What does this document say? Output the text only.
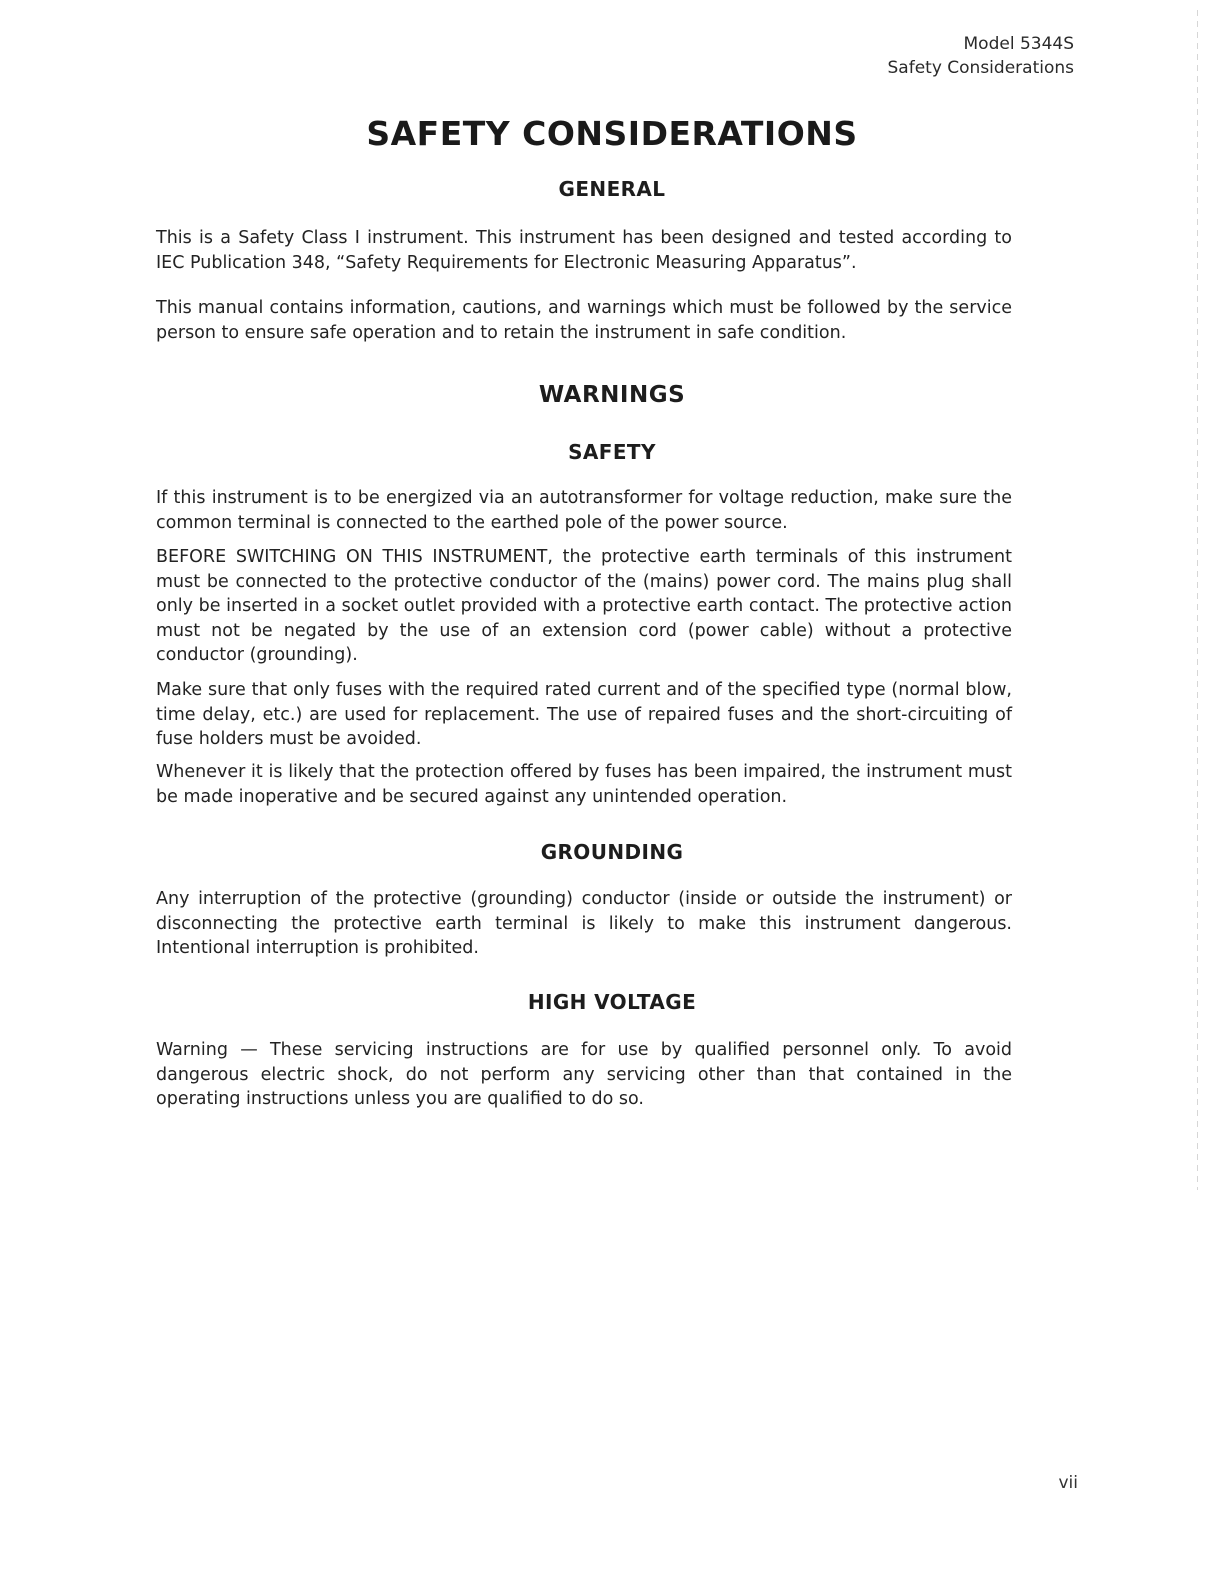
Model 5344S
Safety Considerations
SAFETY CONSIDERATIONS
GENERAL
This is a Safety Class I instrument. This instrument has been designed and tested according to IEC Publication 348, “Safety Requirements for Electronic Measuring Apparatus”.
This manual contains information, cautions, and warnings which must be followed by the service person to ensure safe operation and to retain the instrument in safe condition.
WARNINGS
SAFETY
If this instrument is to be energized via an autotransformer for voltage reduction, make sure the common terminal is connected to the earthed pole of the power source.
BEFORE SWITCHING ON THIS INSTRUMENT, the protective earth terminals of this instrument must be connected to the protective conductor of the (mains) power cord. The mains plug shall only be inserted in a socket outlet provided with a protective earth contact. The protective action must not be negated by the use of an extension cord (power cable) without a protective conductor (grounding).
Make sure that only fuses with the required rated current and of the specified type (normal blow, time delay, etc.) are used for replacement. The use of repaired fuses and the short-circuiting of fuse holders must be avoided.
Whenever it is likely that the protection offered by fuses has been impaired, the instrument must be made inoperative and be secured against any unintended operation.
GROUNDING
Any interruption of the protective (grounding) conductor (inside or outside the instrument) or disconnecting the protective earth terminal is likely to make this instrument dangerous. Intentional interruption is prohibited.
HIGH VOLTAGE
Warning — These servicing instructions are for use by qualified personnel only. To avoid dangerous electric shock, do not perform any servicing other than that contained in the operating instructions unless you are qualified to do so.
vii
